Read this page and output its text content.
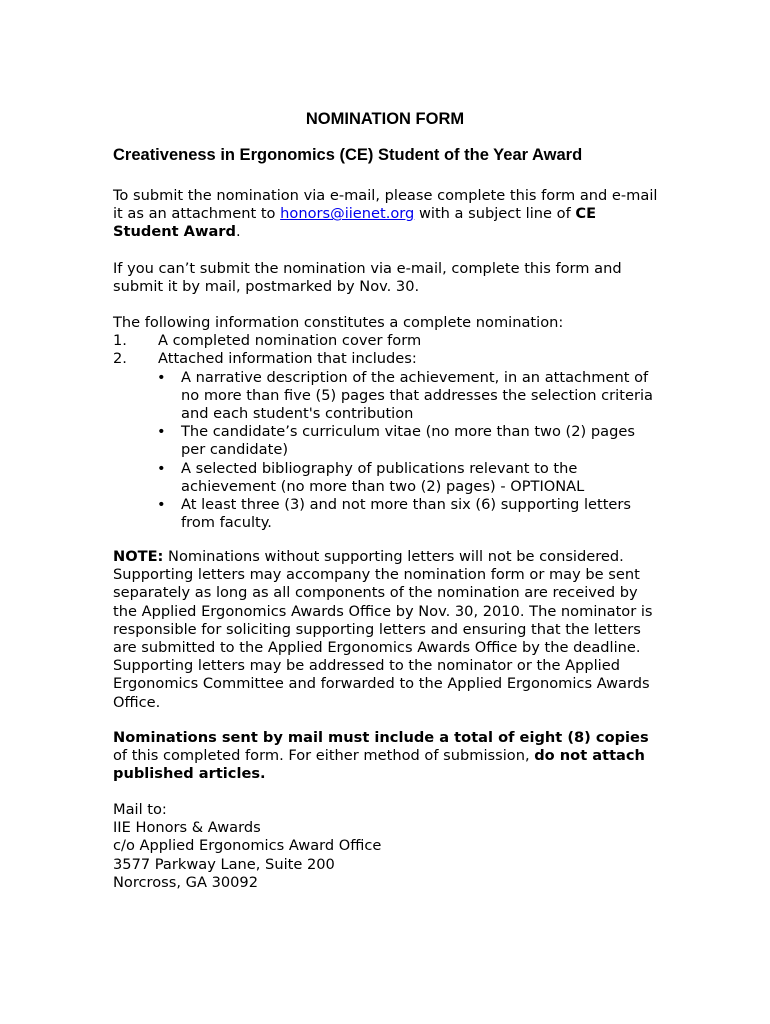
NOMINATION FORM
Creativeness in Ergonomics (CE) Student of the Year Award
To submit the nomination via e-mail, please complete this form and e-mail it as an attachment to honors@iienet.org with a subject line of CE Student Award.
If you can’t submit the nomination via e-mail, complete this form and submit it by mail, postmarked by Nov. 30.
The following information constitutes a complete nomination:
1. A completed nomination cover form
2. Attached information that includes:
• A narrative description of the achievement, in an attachment of no more than five (5) pages that addresses the selection criteria and each student's contribution
• The candidate’s curriculum vitae (no more than two (2) pages per candidate)
• A selected bibliography of publications relevant to the achievement (no more than two (2) pages) - OPTIONAL
• At least three (3) and not more than six (6) supporting letters from faculty.
NOTE: Nominations without supporting letters will not be considered. Supporting letters may accompany the nomination form or may be sent separately as long as all components of the nomination are received by the Applied Ergonomics Awards Office by Nov. 30, 2010. The nominator is responsible for soliciting supporting letters and ensuring that the letters are submitted to the Applied Ergonomics Awards Office by the deadline. Supporting letters may be addressed to the nominator or the Applied Ergonomics Committee and forwarded to the Applied Ergonomics Awards Office.
Nominations sent by mail must include a total of eight (8) copies of this completed form. For either method of submission, do not attach published articles.
Mail to:
IIE Honors & Awards
c/o Applied Ergonomics Award Office
3577 Parkway Lane, Suite 200
Norcross, GA 30092
